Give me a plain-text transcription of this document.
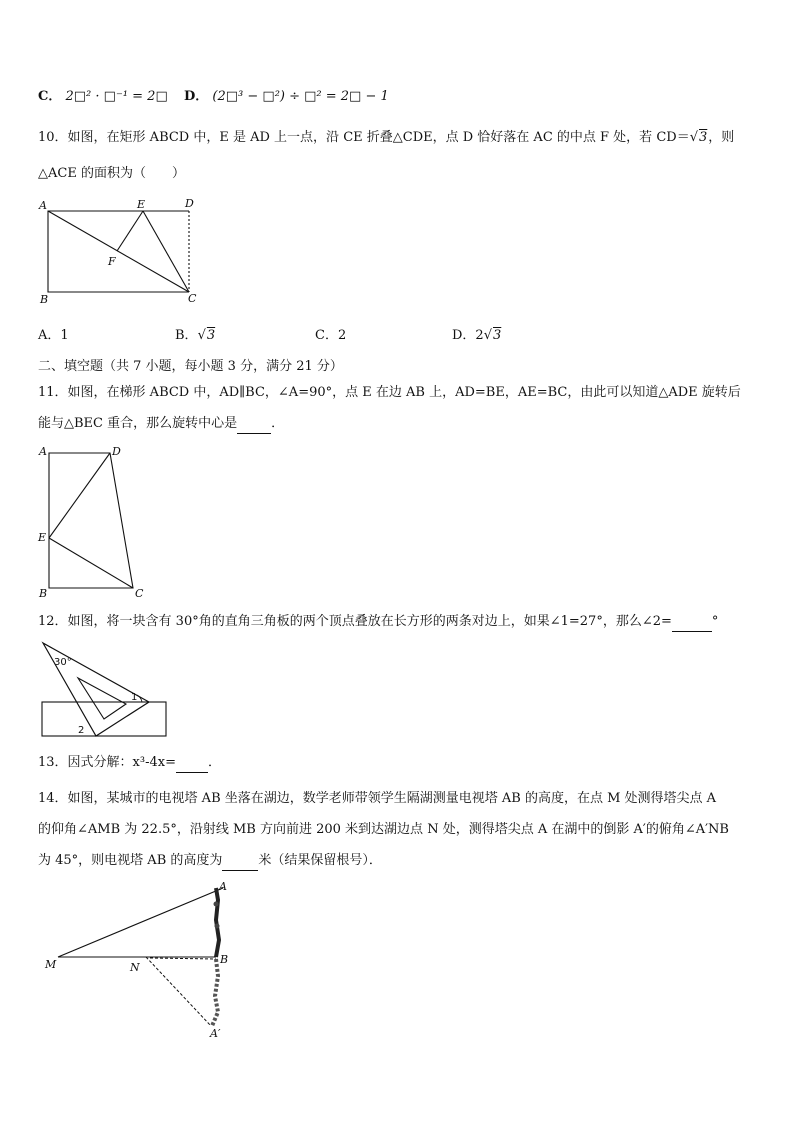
C． 2□² · □⁻¹ = 2□ D． (2□³ − □²) ÷ □² = 2□ − 1
10．如图，在矩形 ABCD 中，E 是 AD 上一点，沿 CE 折叠△CDE，点 D 恰好落在 AC 的中点 F 处，若 CD＝√3，则
△ACE 的面积为（　　）
A	E	D
F
B	C
A．1	B．√3	C．2	D．2√3
二、填空题（共 7 小题，每小题 3 分，满分 21 分）
11．如图，在梯形 ABCD 中，AD∥BC，∠A=90°，点 E 在边 AB 上，AD=BE，AE=BC，由此可以知道△ADE 旋转后
能与△BEC 重合，那么旋转中心是	．
A	D
E
B	C
12．如图，将一块含有 30°角的直角三角板的两个顶点叠放在长方形的两条对边上，如果∠1=27°，那么∠2=	°
30°
1
2
13．因式分解：x³-4x= ．
14．如图，某城市的电视塔 AB 坐落在湖边，数学老师带领学生隔湖测量电视塔 AB 的高度，在点 M 处测得塔尖点 A
的仰角∠AMB 为 22.5°，沿射线 MB 方向前进 200 米到达湖边点 N 处，测得塔尖点 A 在湖中的倒影 A′的俯角∠A′NB
为 45°，则电视塔 AB 的高度为	米（结果保留根号）．
A
M	N
B
A′
